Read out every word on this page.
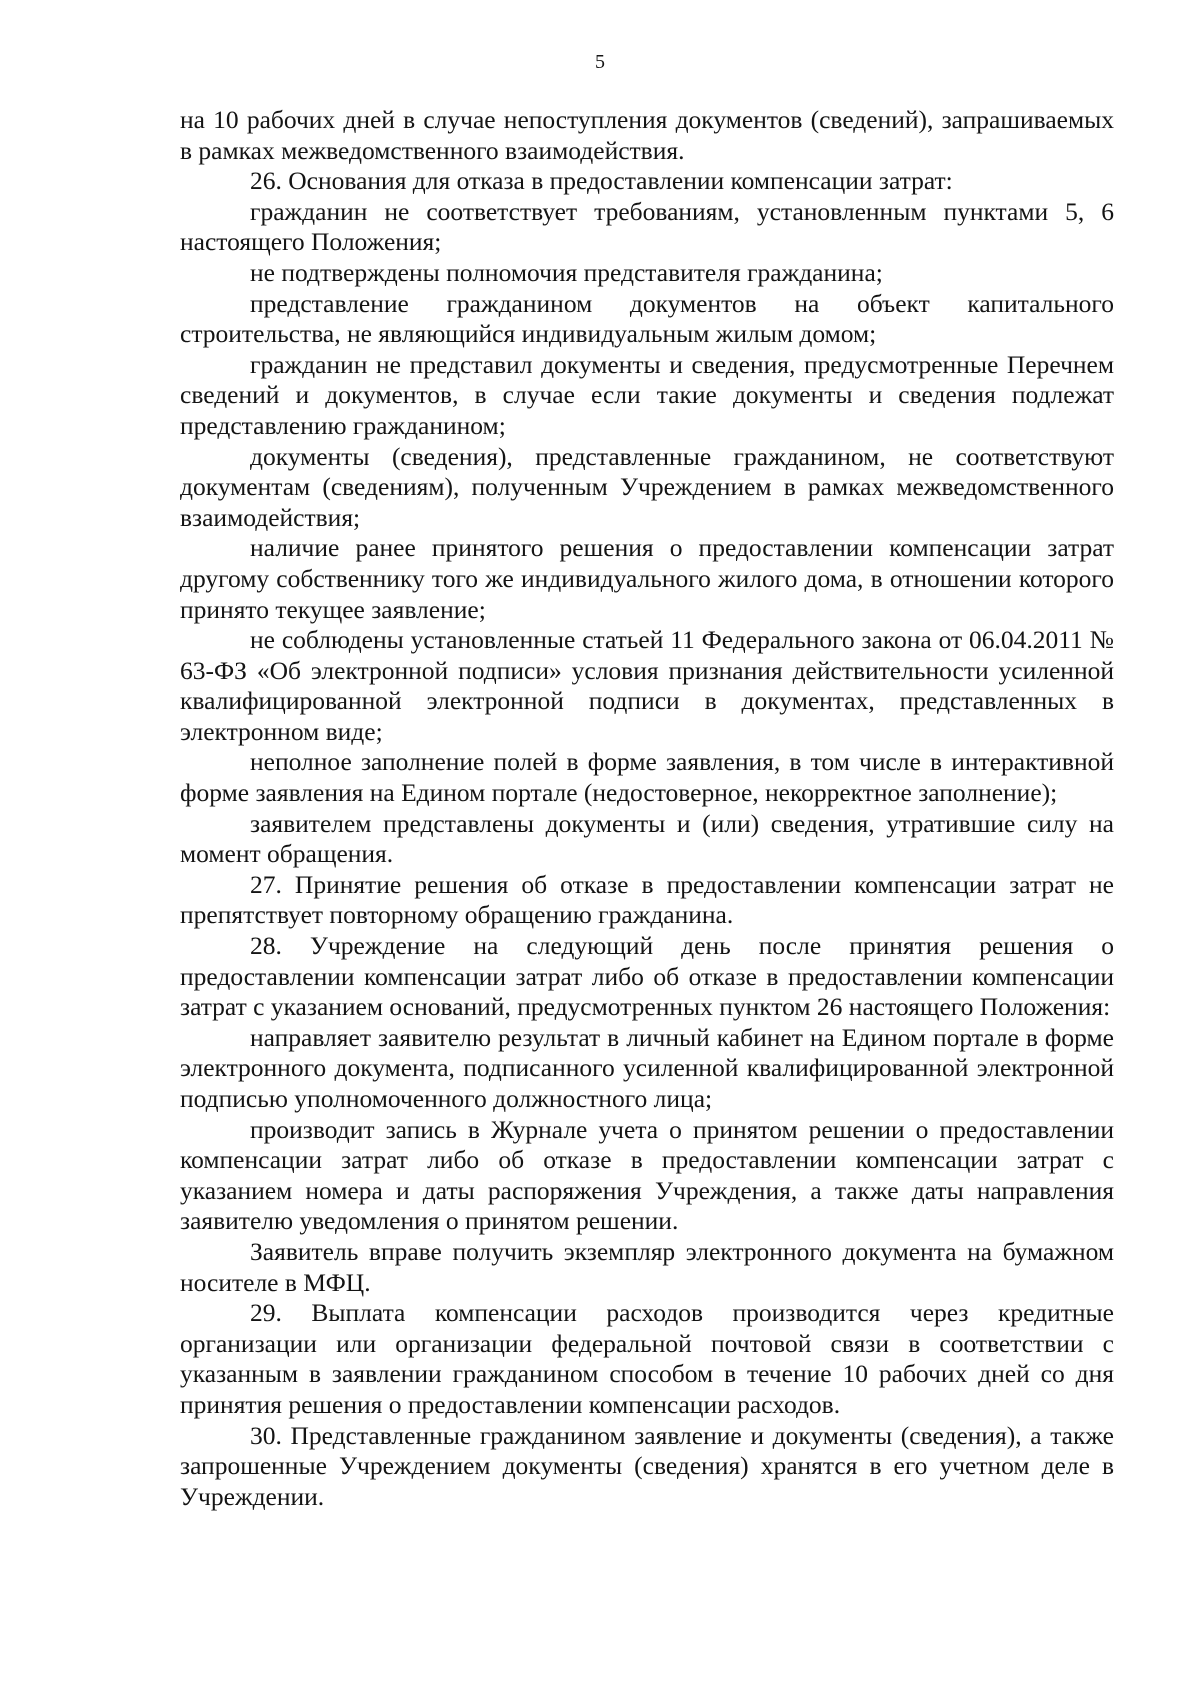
5

на 10 рабочих дней в случае непоступления документов (сведений), запрашиваемых в рамках межведомственного взаимодействия.

26. Основания для отказа в предоставлении компенсации затрат:

гражданин не соответствует требованиям, установленным пунктами 5, 6 настоящего Положения;

не подтверждены полномочия представителя гражданина;

представление гражданином документов на объект капитального строительства, не являющийся индивидуальным жилым домом;

гражданин не представил документы и сведения, предусмотренные Перечнем сведений и документов, в случае если такие документы и сведения подлежат представлению гражданином;

документы (сведения), представленные гражданином, не соответствуют документам (сведениям), полученным Учреждением в рамках межведомственного взаимодействия;

наличие ранее принятого решения о предоставлении компенсации затрат другому собственнику того же индивидуального жилого дома, в отношении которого принято текущее заявление;

не соблюдены установленные статьей 11 Федерального закона от 06.04.2011 № 63-ФЗ «Об электронной подписи» условия признания действительности усиленной квалифицированной электронной подписи в документах, представленных в электронном виде;

неполное заполнение полей в форме заявления, в том числе в интерактивной форме заявления на Едином портале (недостоверное, некорректное заполнение);

заявителем представлены документы и (или) сведения, утратившие силу на момент обращения.

27. Принятие решения об отказе в предоставлении компенсации затрат не препятствует повторному обращению гражданина.

28. Учреждение на следующий день после принятия решения о предоставлении компенсации затрат либо об отказе в предоставлении компенсации затрат с указанием оснований, предусмотренных пунктом 26 настоящего Положения:

направляет заявителю результат в личный кабинет на Едином портале в форме электронного документа, подписанного усиленной квалифицированной электронной подписью уполномоченного должностного лица;

производит запись в Журнале учета о принятом решении о предоставлении компенсации затрат либо об отказе в предоставлении компенсации затрат с указанием номера и даты распоряжения Учреждения, а также даты направления заявителю уведомления о принятом решении.

Заявитель вправе получить экземпляр электронного документа на бумажном носителе в МФЦ.

29. Выплата компенсации расходов производится через кредитные организации или организации федеральной почтовой связи в соответствии с указанным в заявлении гражданином способом в течение 10 рабочих дней со дня принятия решения о предоставлении компенсации расходов.

30. Представленные гражданином заявление и документы (сведения), а также запрошенные Учреждением документы (сведения) хранятся в его учетном деле в Учреждении.
